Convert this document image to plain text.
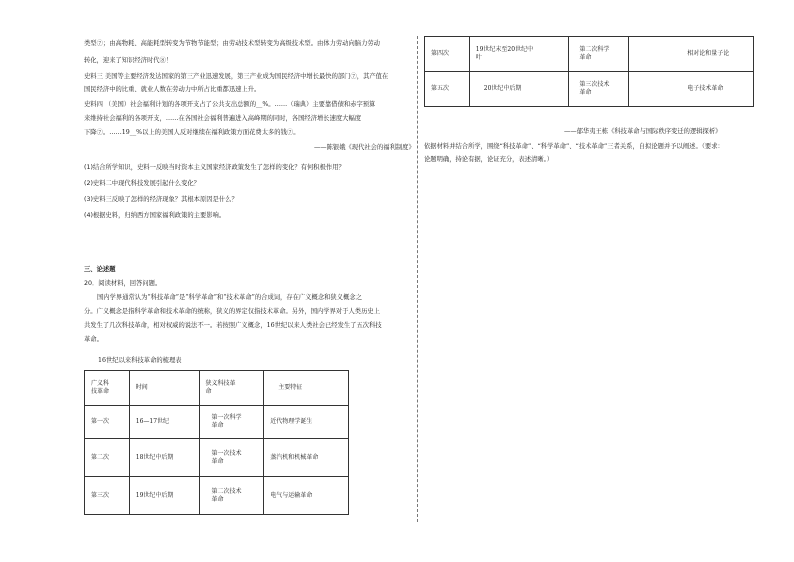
类型⑦；由高物耗、高能耗型转变为节物节能型；由劳动技术型转变为高级技术型。由体力劳动向脑力劳动
转化，迎来了知识经济时代⑧！
史料三 美国等主要经济发达国家的第三产业迅速发展，第三产业成为国民经济中增长最快的部门⑦，其产值在
国民经济中的比重、就业人数在劳动力中所占比重都迅速上升。
史料四 （美国）社会福利计划的各项开支占了公共支出总额的__%。……（瑞典）主要靠借债和赤字预算
来维持社会福利的各项开支，……在各国社会福利普遍进入高峰期的同时，各国经济增长速度大幅度
下降⑦。……19__%以上的美国人反对继续在福利政策方面花费太多的钱⑦。
——陈银娥《现代社会的福利制度》
(1)结合所学知识，史料一反映当时资本主义国家经济政策发生了怎样的变化？有何积极作用？
(2)史料二中现代科技发展引起什么变化？
(3)史料三反映了怎样的经济现象？其根本原因是什么？
(4)根据史料，归纳西方国家福利政策的主要影响。
三、论述题
20．阅读材料，回答问题。
国内学界通常认为“科技革命”是“科学革命”和“技术革命”的合成词，存在广义概念和狭义概念之
分。广义概念是指科学革命和技术革命的统称，狭义的界定仅指技术革命。另外，国内学界对于人类历史上
共发生了几次科技革命，相对权威的说法不一。若按照广义概念，16世纪以来人类社会已经发生了五次科技
革命。
16世纪以来科技革命的梳理表
广义科
技革命	时间	狭义科技革
命	主要特征

第一次	16—17世纪	第一次科学
革命	近代物理学诞生

第二次	18世纪中后期	第一次技术
革命	蒸汽机和机械革命

第三次	19世纪中后期	第二次技术
革命	电气与运输革命
第四次	19世纪末至20世纪中
叶	第二次科学
革命	相对论和量子论

第五次	20世纪中后期	第三次技术
革命	电子技术革命
——郁华夷王栋《科技革命与国际秩序变迁的逻辑探析》
依据材料并结合所学，围绕“科技革命”、“科学革命”、“技术革命”三者关系，自拟论题并予以阐述。（要求：
论题明确，持论有据，论证充分，表述清晰。）
